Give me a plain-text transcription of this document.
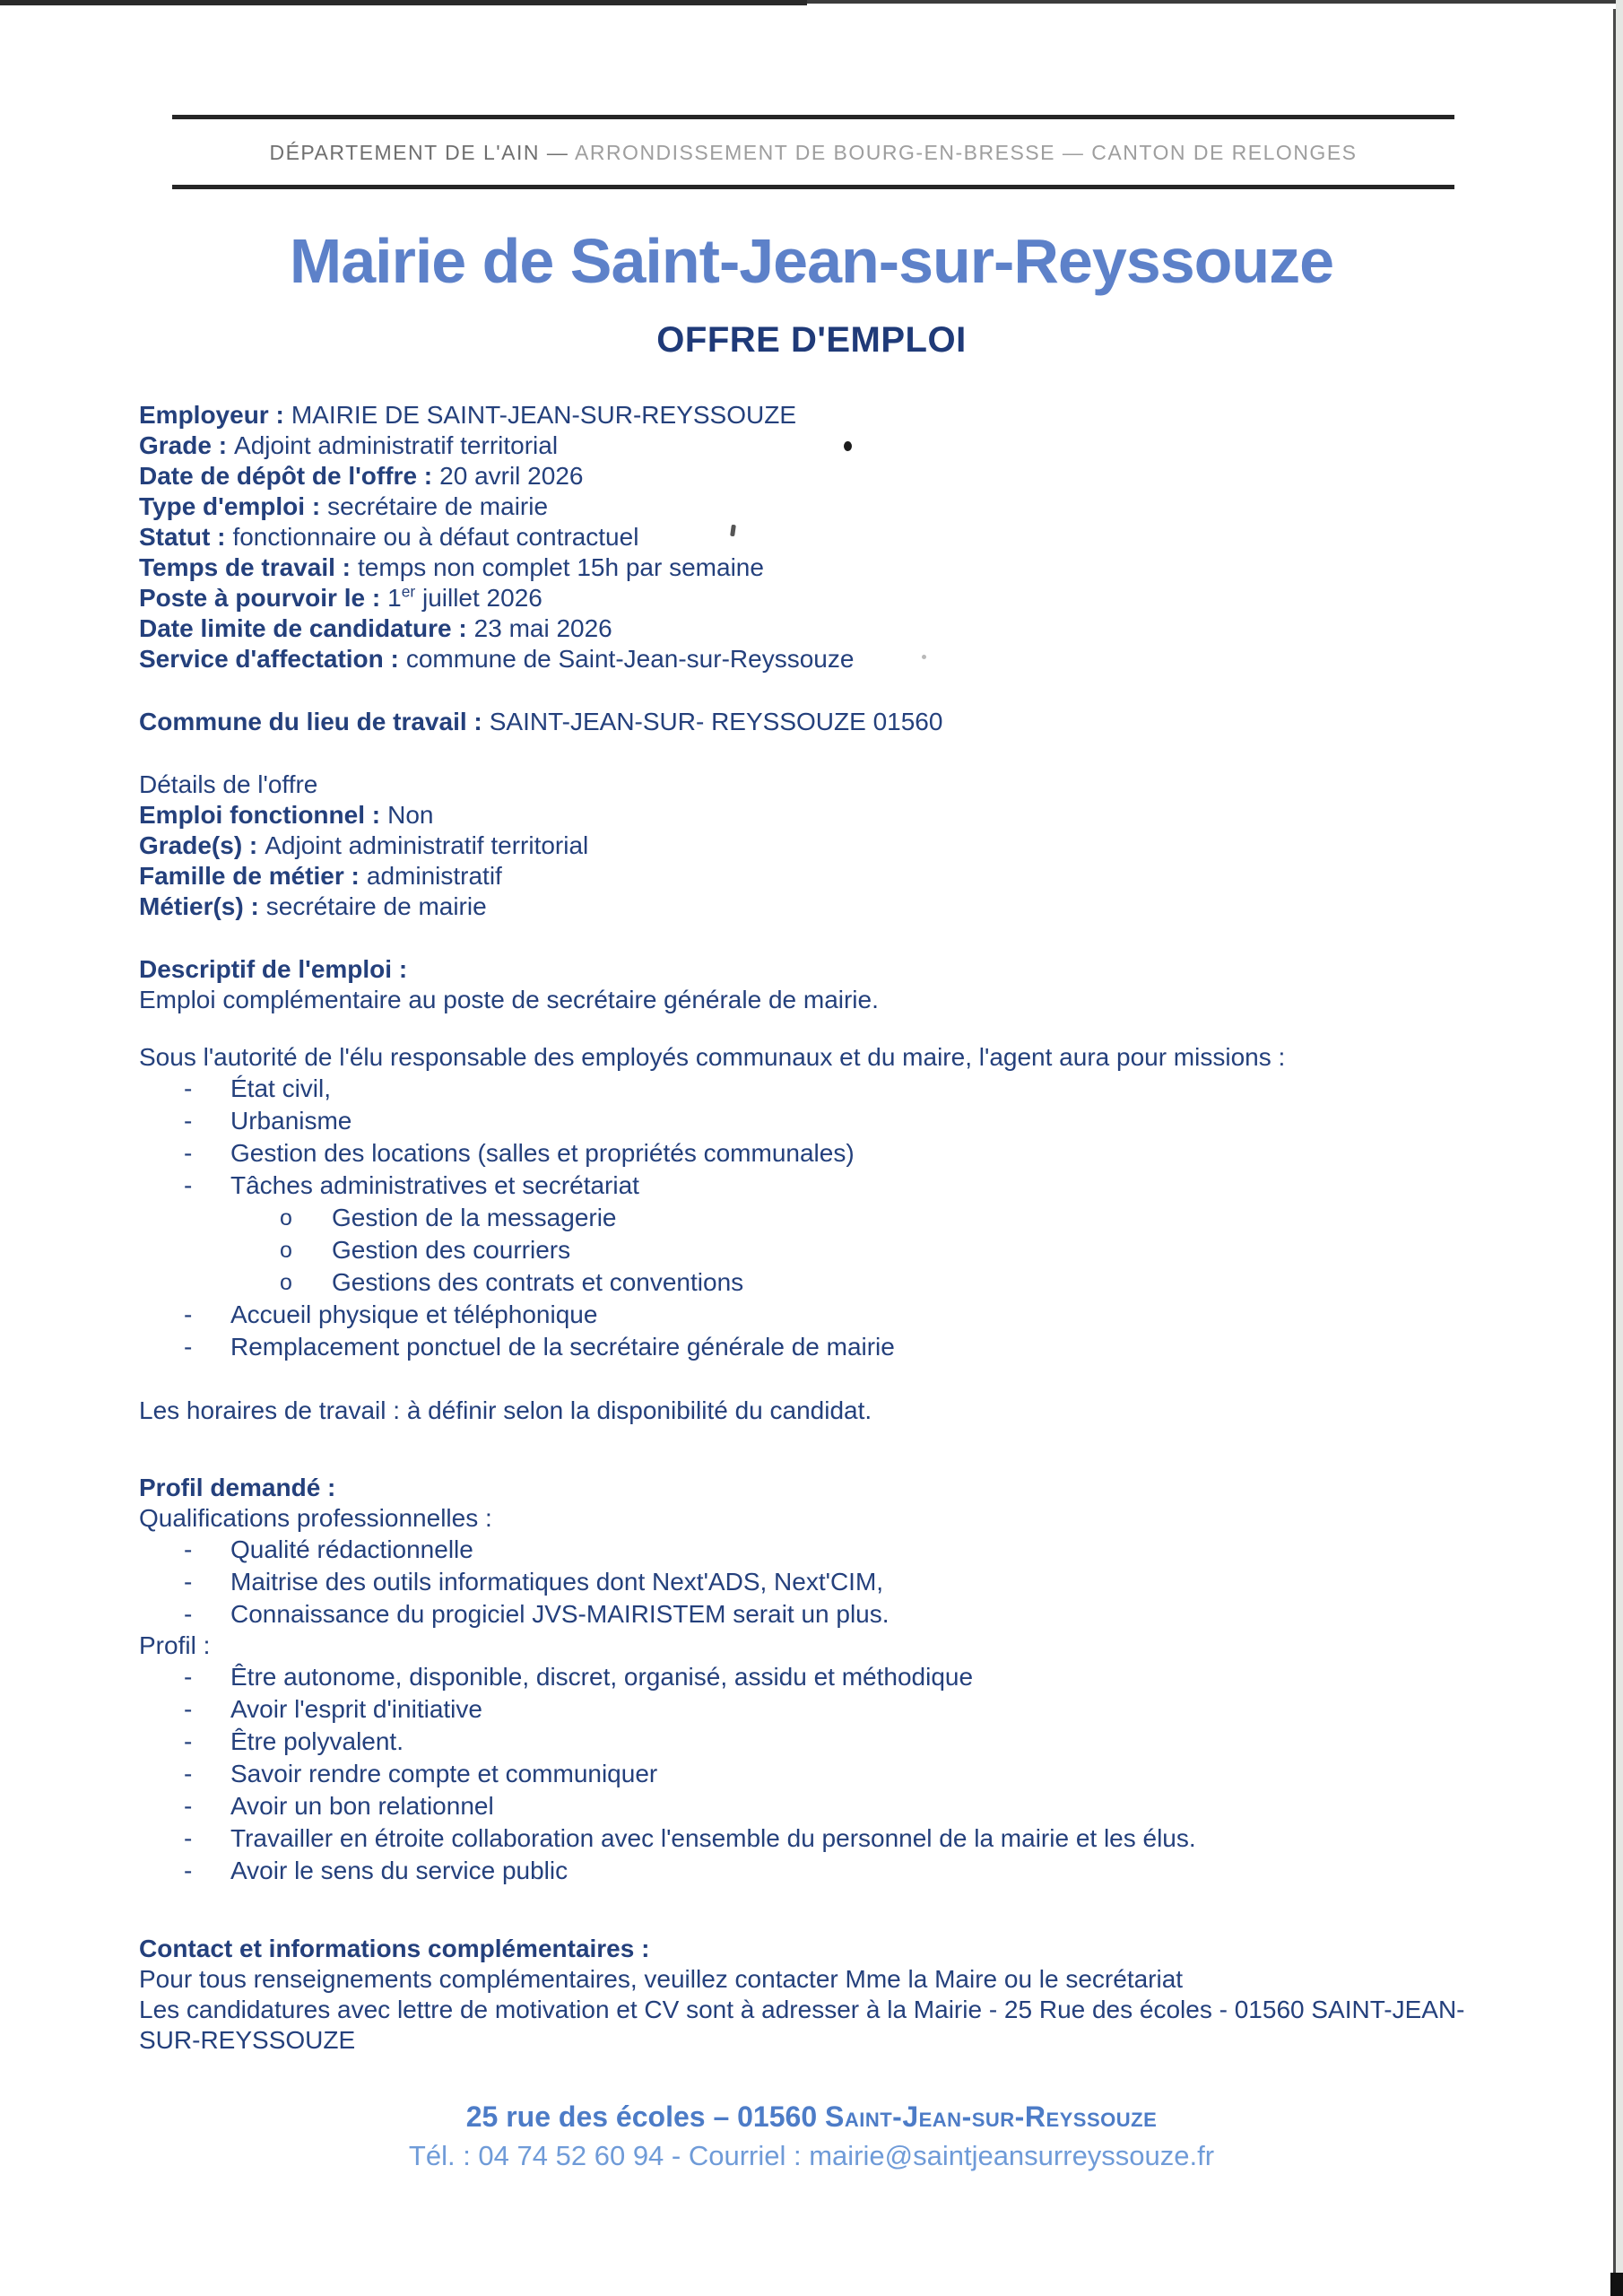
DÉPARTEMENT DE L'AIN — ARRONDISSEMENT DE BOURG-EN-BRESSE — CANTON DE RELONGES
Mairie de Saint-Jean-sur-Reyssouze
OFFRE D'EMPLOI
Employeur : MAIRIE DE SAINT-JEAN-SUR-REYSSOUZE
Grade : Adjoint administratif territorial
Date de dépôt de l'offre : 20 avril 2026
Type d'emploi : secrétaire de mairie
Statut : fonctionnaire ou à défaut contractuel
Temps de travail : temps non complet 15h par semaine
Poste à pourvoir le : 1er juillet 2026
Date limite de candidature : 23 mai 2026
Service d'affectation : commune de Saint-Jean-sur-Reyssouze
Commune du lieu de travail : SAINT-JEAN-SUR- REYSSOUZE 01560
Détails de l'offre
Emploi fonctionnel : Non
Grade(s) : Adjoint administratif territorial
Famille de métier : administratif
Métier(s) : secrétaire de mairie
Descriptif de l'emploi :
Emploi complémentaire au poste de secrétaire générale de mairie.
Sous l'autorité de l'élu responsable des employés communaux et du maire, l'agent aura pour missions :
-	État civil,
-	Urbanisme
-	Gestion des locations (salles et propriétés communales)
-	Tâches administratives et secrétariat
o	Gestion de la messagerie
o	Gestion des courriers
o	Gestions des contrats et conventions
-	Accueil physique et téléphonique
-	Remplacement ponctuel de la secrétaire générale de mairie
Les horaires de travail : à définir selon la disponibilité du candidat.
Profil demandé :
Qualifications professionnelles :
-	Qualité rédactionnelle
-	Maitrise des outils informatiques dont Next'ADS, Next'CIM,
-	Connaissance du progiciel JVS-MAIRISTEM serait un plus.
Profil :
-	Être autonome, disponible, discret, organisé, assidu et méthodique
-	Avoir l'esprit d'initiative
-	Être polyvalent.
-	Savoir rendre compte et communiquer
-	Avoir un bon relationnel
-	Travailler en étroite collaboration avec l'ensemble du personnel de la mairie et les élus.
-	Avoir le sens du service public
Contact et informations complémentaires :
Pour tous renseignements complémentaires, veuillez contacter Mme la Maire ou le secrétariat
Les candidatures avec lettre de motivation et CV sont à adresser à la Mairie - 25 Rue des écoles - 01560 SAINT-JEAN-SUR-REYSSOUZE
25 rue des écoles – 01560 Saint-Jean-sur-Reyssouze
Tél. : 04 74 52 60 94 - Courriel : mairie@saintjeansurreyssouze.fr
